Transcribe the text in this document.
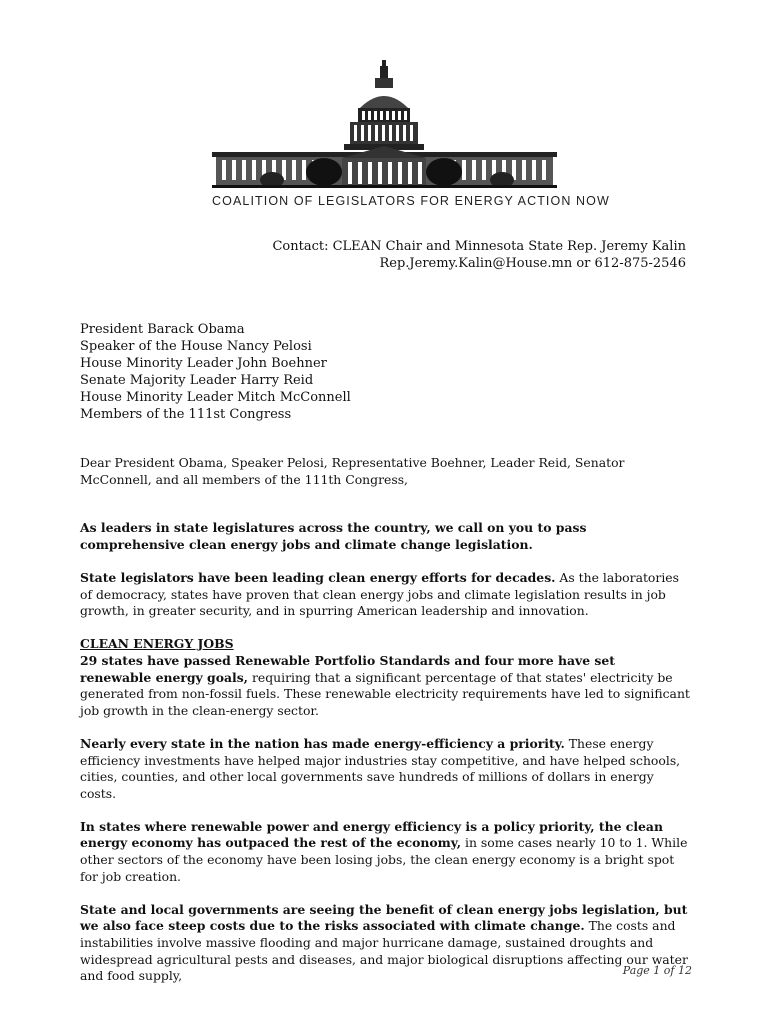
COALITION OF LEGISLATORS FOR ENERGY ACTION NOW
Contact: CLEAN Chair and Minnesota State Rep. Jeremy Kalin
Rep.Jeremy.Kalin@House.mn or 612-875-2546
President Barack Obama
Speaker of the House Nancy Pelosi
House Minority Leader John Boehner
Senate Majority Leader Harry Reid
House Minority Leader Mitch McConnell
Members of the 111st Congress

Dear President Obama, Speaker Pelosi, Representative Boehner, Leader Reid, Senator McConnell, and all members of the 111th Congress,

As leaders in state legislatures across the country, we call on you to pass comprehensive clean energy jobs and climate change legislation.

State legislators have been leading clean energy efforts for decades. As the laboratories of democracy, states have proven that clean energy jobs and climate legislation results in job growth, in greater security, and in spurring American leadership and innovation.

CLEAN ENERGY JOBS

29 states have passed Renewable Portfolio Standards and four more have set renewable energy goals, requiring that a significant percentage of that states' electricity be generated from non-fossil fuels. These renewable electricity requirements have led to significant job growth in the clean-energy sector.

Nearly every state in the nation has made energy-efficiency a priority. These energy efficiency investments have helped major industries stay competitive, and have helped schools, cities, counties, and other local governments save hundreds of millions of dollars in energy costs.

In states where renewable power and energy efficiency is a policy priority, the clean energy economy has outpaced the rest of the economy, in some cases nearly 10 to 1. While other sectors of the economy have been losing jobs, the clean energy economy is a bright spot for job creation.

State and local governments are seeing the benefit of clean energy jobs legislation, but we also face steep costs due to the risks associated with climate change. The costs and instabilities involve massive flooding and major hurricane damage, sustained droughts and widespread agricultural pests and diseases, and major biological disruptions affecting our water and food supply,	Page 1 of 12
